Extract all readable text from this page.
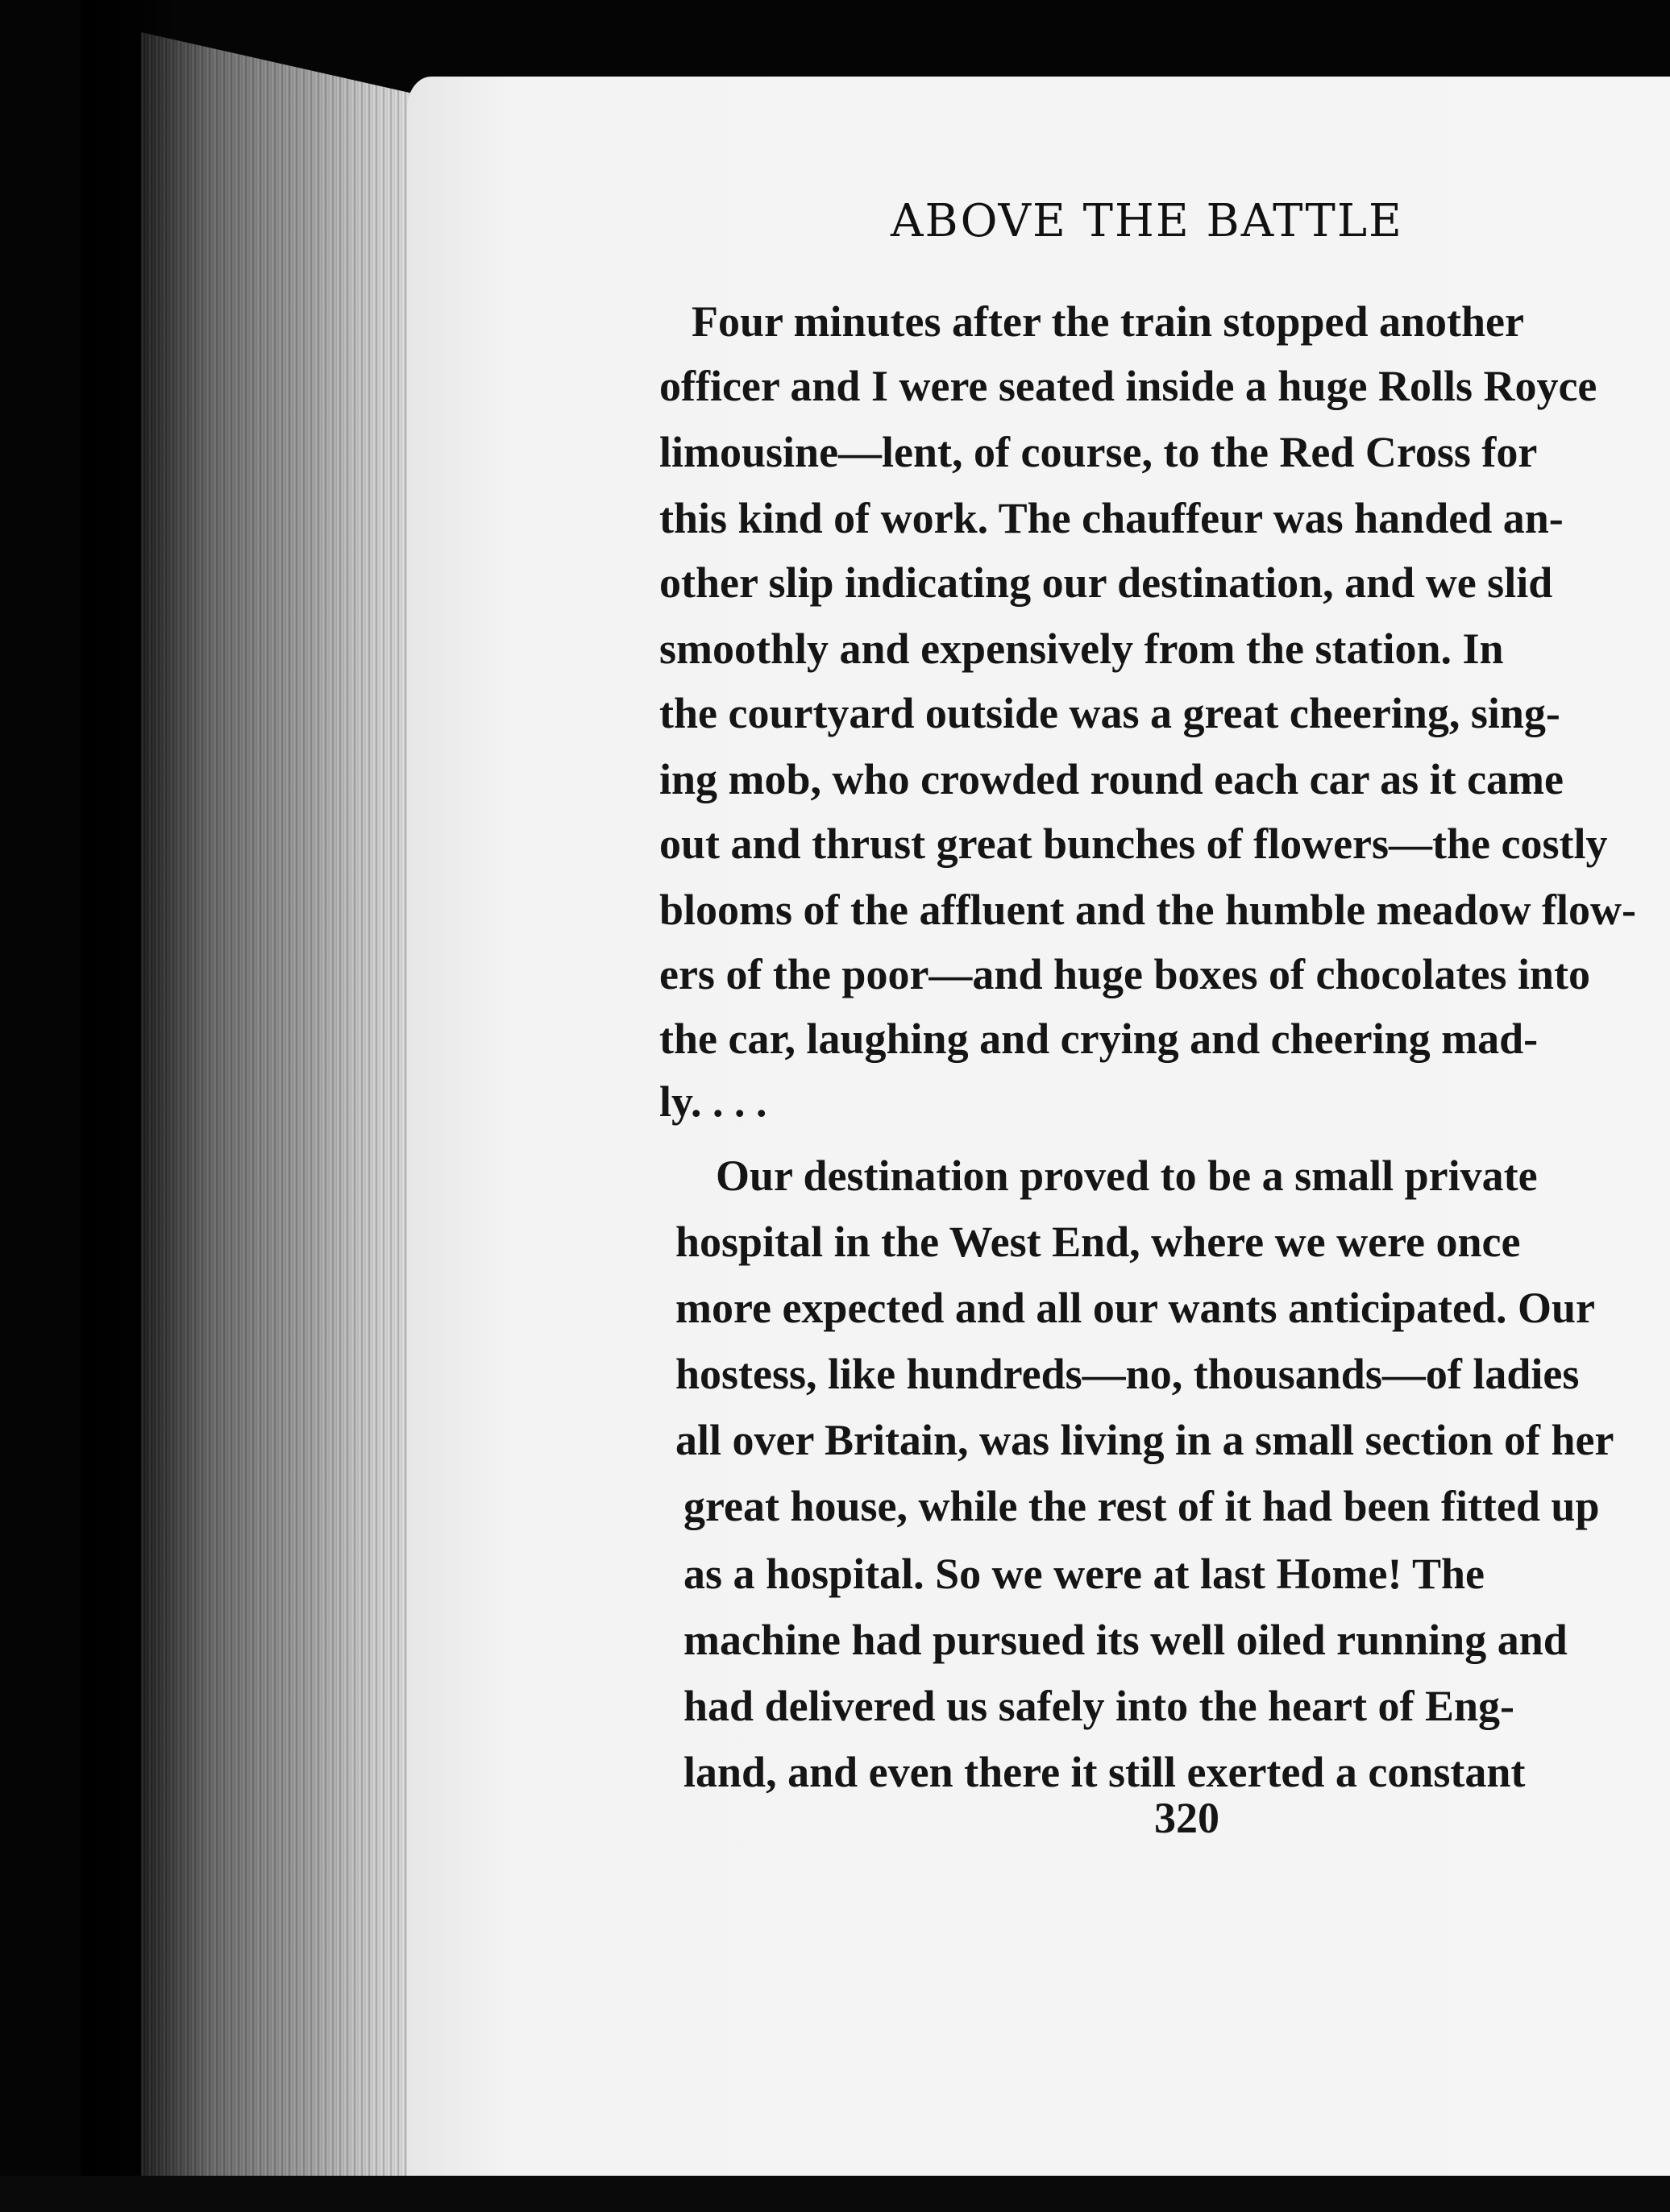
ABOVE THE BATTLE
Four minutes after the train stopped another
officer and I were seated inside a huge Rolls Royce
limousine—lent, of course, to the Red Cross for
this kind of work. The chauffeur was handed an-
other slip indicating our destination, and we slid
smoothly and expensively from the station. In
the courtyard outside was a great cheering, sing-
ing mob, who crowded round each car as it came
out and thrust great bunches of flowers—the costly
blooms of the affluent and the humble meadow flow-
ers of the poor—and huge boxes of chocolates into
the car, laughing and crying and cheering mad-
ly. . . .
Our destination proved to be a small private
hospital in the West End, where we were once
more expected and all our wants anticipated. Our
hostess, like hundreds—no, thousands—of ladies
all over Britain, was living in a small section of her
great house, while the rest of it had been fitted up
as a hospital. So we were at last Home! The
machine had pursued its well oiled running and
had delivered us safely into the heart of Eng-
land, and even there it still exerted a constant
320
